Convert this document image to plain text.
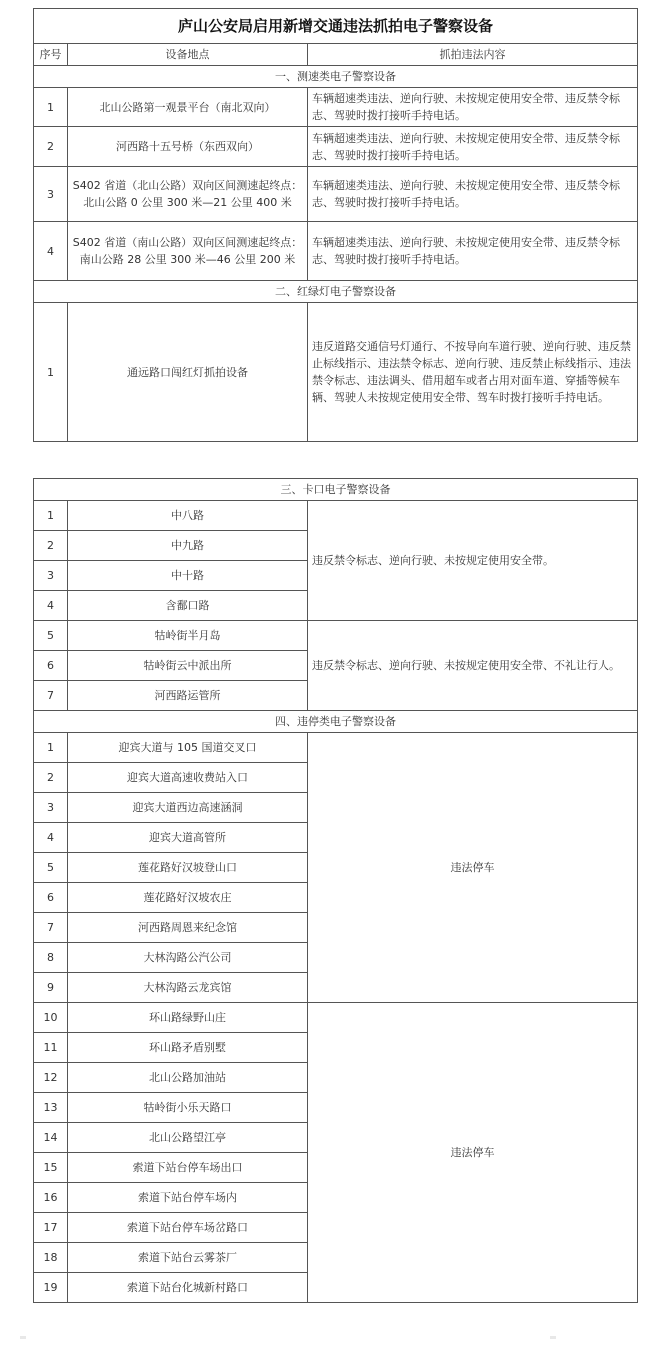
庐山公安局启用新增交通违法抓拍电子警察设备		
序号	设备地点	抓拍违法内容
一、测速类电子警察设备		
1	北山公路第一观景平台（南北双向）	车辆超速类违法、逆向行驶、未按规定使用安全带、违反禁令标志、驾驶时拨打接听手持电话。
2	河西路十五号桥（东西双向）	车辆超速类违法、逆向行驶、未按规定使用安全带、违反禁令标志、驾驶时拨打接听手持电话。
3	S402 省道（北山公路）双向区间测速起终点：北山公路 0 公里 300 米—21 公里 400 米	车辆超速类违法、逆向行驶、未按规定使用安全带、违反禁令标志、驾驶时拨打接听手持电话。
4	S402 省道（南山公路）双向区间测速起终点：南山公路 28 公里 300 米—46 公里 200 米	车辆超速类违法、逆向行驶、未按规定使用安全带、违反禁令标志、驾驶时拨打接听手持电话。
二、红绿灯电子警察设备		
1	通远路口闯红灯抓拍设备	违反道路交通信号灯通行、不按导向车道行驶、逆向行驶、违反禁止标线指示、违法禁令标志、逆向行驶、违反禁止标线指示、违法禁令标志、违法调头、借用超车或者占用对面车道、穿插等候车辆、驾驶人未按规定使用安全带、驾车时拨打接听手持电话。
三、卡口电子警察设备		
1	中八路	违反禁令标志、逆向行驶、未按规定使用安全带。
2	中九路	
3	中十路	
4	含鄱口路	
5	牯岭街半月岛	违反禁令标志、逆向行驶、未按规定使用安全带、不礼让行人。
6	牯岭街云中派出所	
7	河西路运管所	
四、违停类电子警察设备		
1	迎宾大道与 105 国道交叉口	违法停车
2	迎宾大道高速收费站入口	
3	迎宾大道西边高速涵洞	
4	迎宾大道高管所	
5	莲花路好汉坡登山口	
6	莲花路好汉坡农庄	
7	河西路周恩来纪念馆	
8	大林沟路公汽公司	
9	大林沟路云龙宾馆	
10	环山路绿野山庄	违法停车
11	环山路矛盾别墅	
12	北山公路加油站	
13	牯岭街小乐天路口	
14	北山公路望江亭	
15	索道下站台停车场出口	
16	索道下站台停车场内	
17	索道下站台停车场岔路口	
18	索道下站台云雾茶厂	
19	索道下站台化城新村路口	
